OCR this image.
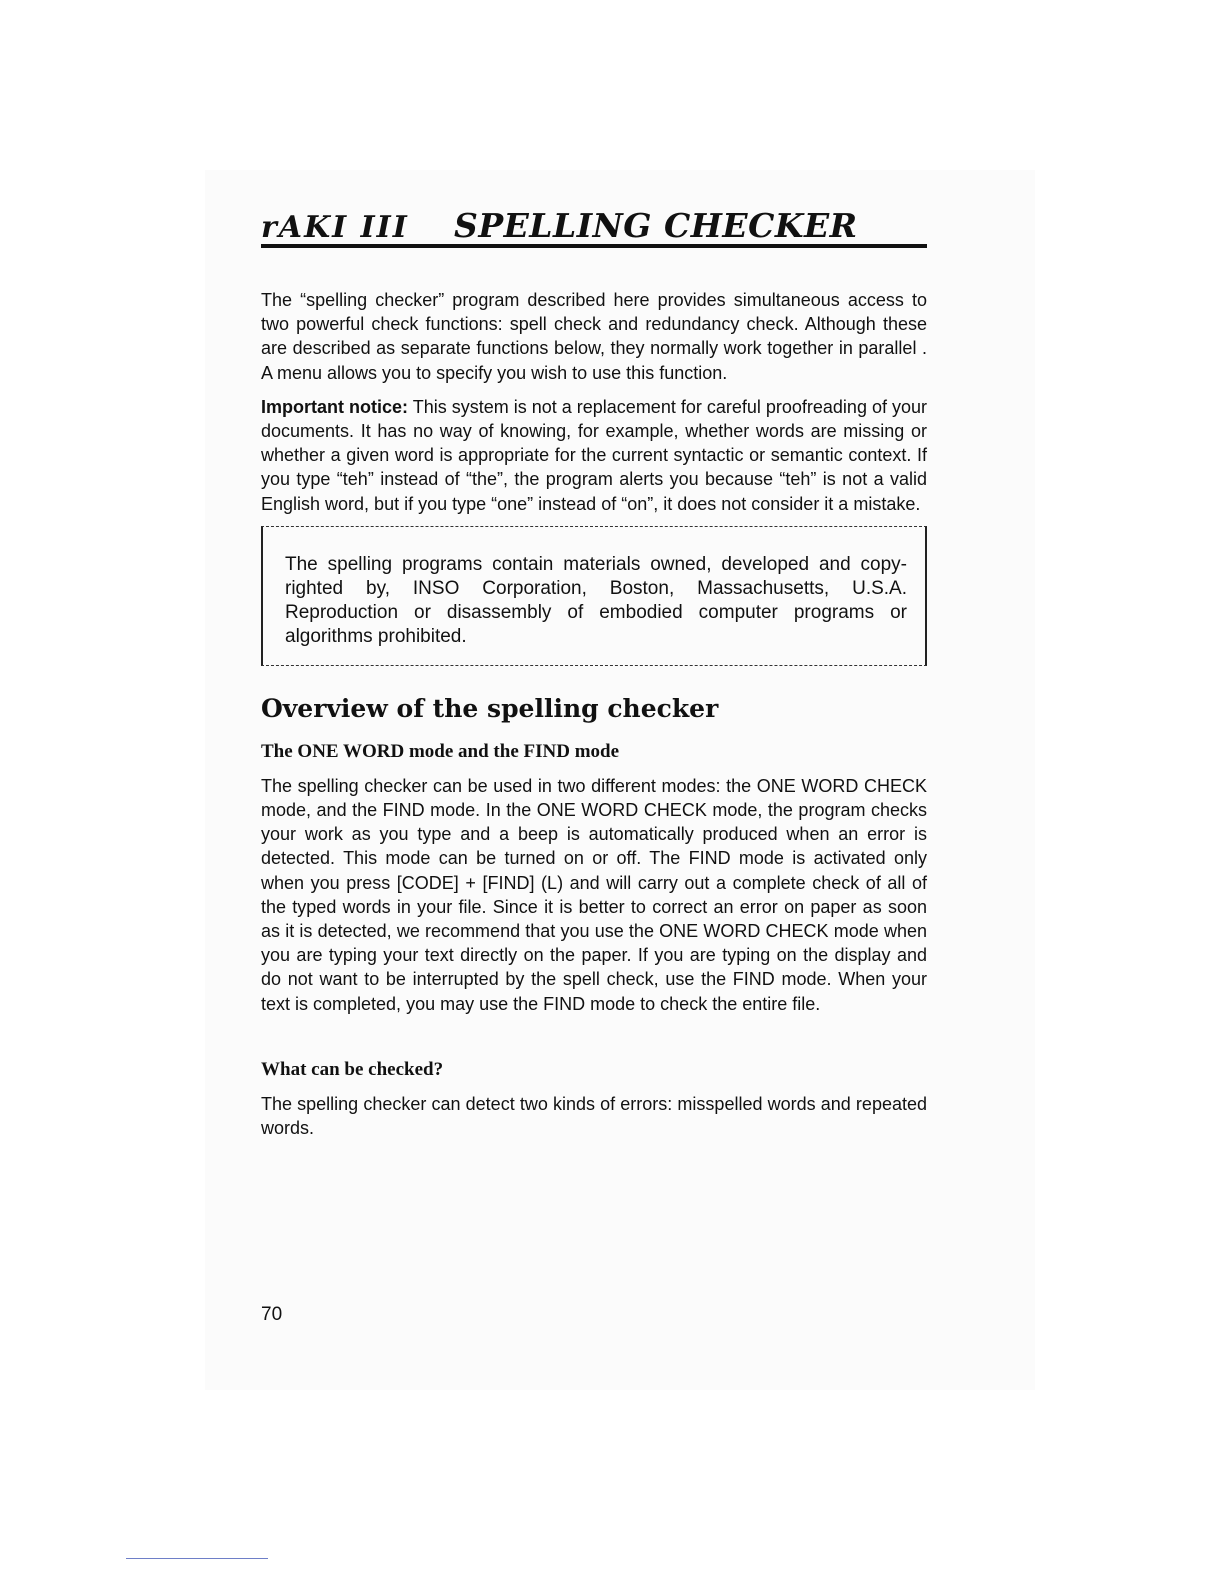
rAKI III SPELLING CHECKER

The “spelling checker” program described here provides simultaneous access to two powerful check functions: spell check and redundancy check. Although these are described as separate functions below, they normally work together in parallel . A menu allows you to specify you wish to use this function.

Important notice: This system is not a replacement for careful proofreading of your documents. It has no way of knowing, for example, whether words are missing or whether a given word is appropriate for the current syntactic or semantic context. If you type “teh” instead of “the”, the program alerts you because “teh” is not a valid English word, but if you type “one” instead of “on”, it does not consider it a mistake.

The spelling programs contain materials owned, developed and copy-righted by, INSO Corporation, Boston, Massachusetts, U.S.A. Reproduction or disassembly of embodied computer programs or algorithms prohibited.

Overview of the spelling checker
The ONE WORD mode and the FIND mode

The spelling checker can be used in two different modes: the ONE WORD CHECK mode, and the FIND mode. In the ONE WORD CHECK mode, the program checks your work as you type and a beep is automatically produced when an error is detected. This mode can be turned on or off. The FIND mode is activated only when you press [CODE] + [FIND] (L) and will carry out a complete check of all of the typed words in your file. Since it is better to correct an error on paper as soon as it is detected, we recommend that you use the ONE WORD CHECK mode when you are typing your text directly on the paper. If you are typing on the display and do not want to be interrupted by the spell check, use the FIND mode. When your text is completed, you may use the FIND mode to check the entire file.

What can be checked?

The spelling checker can detect two kinds of errors: misspelled words and repeated words.

70
